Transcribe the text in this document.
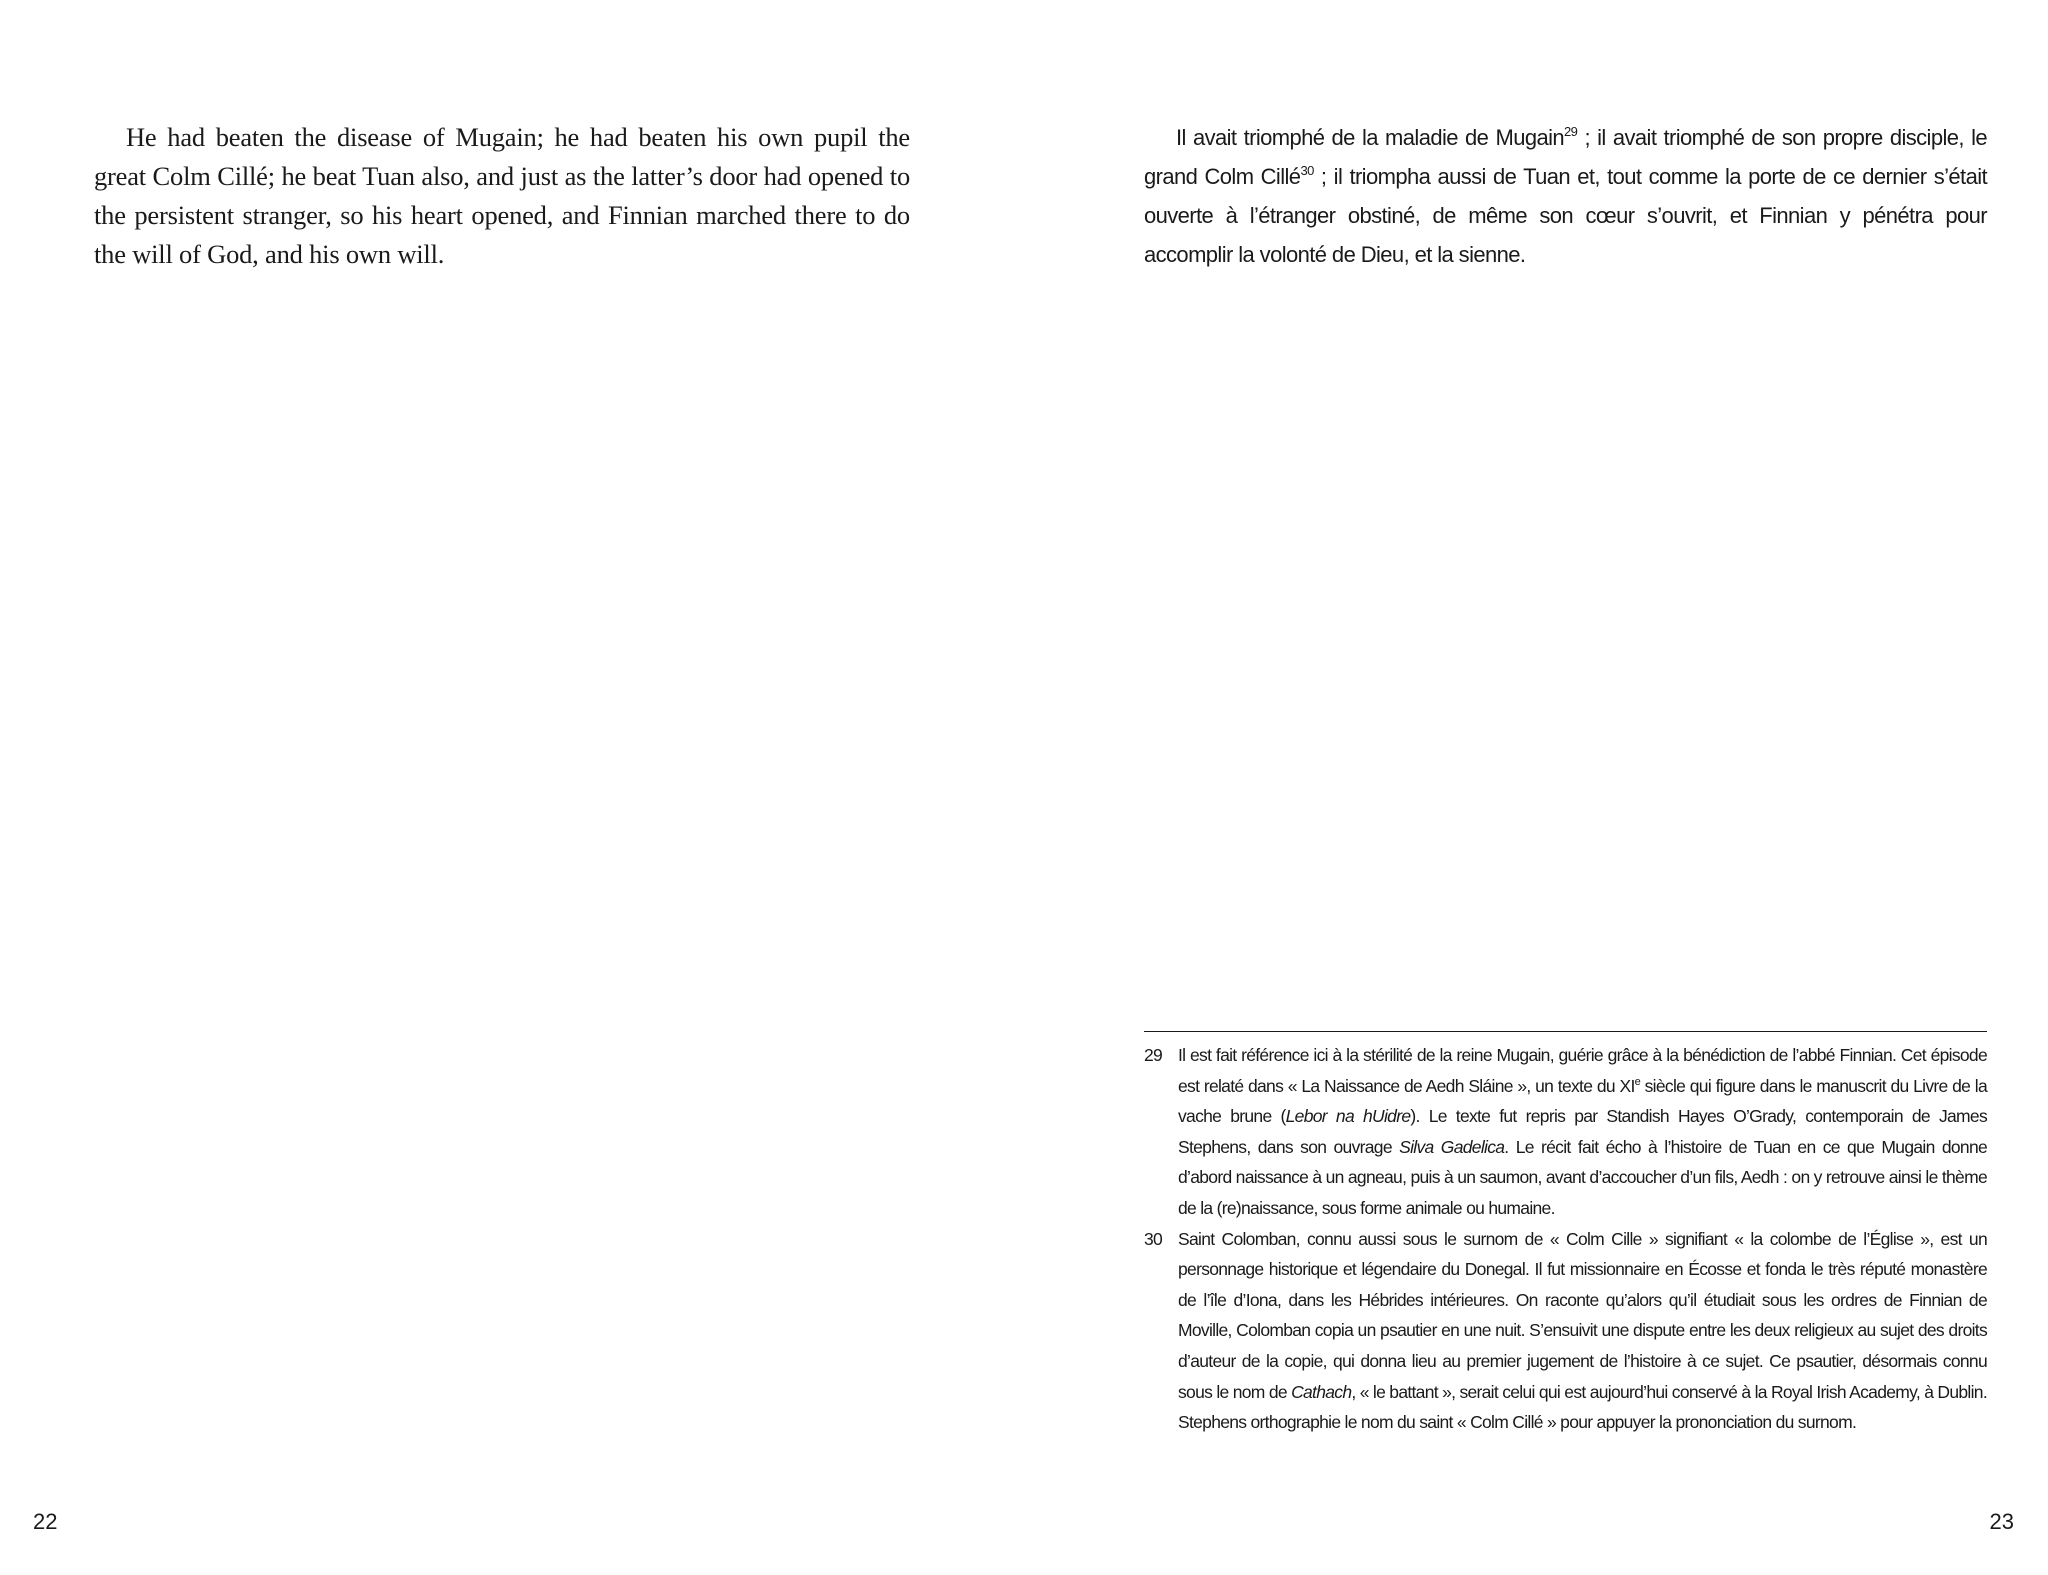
He had beaten the disease of Mugain; he had beaten his own pupil the great Colm Cillé; he beat Tuan also, and just as the latter’s door had opened to the persistent stranger, so his heart opened, and Finnian marched there to do the will of God, and his own will.

22

Il avait triomphé de la maladie de Mugain$^{29}$ ; il avait triomphé de son propre disciple, le grand Colm Cillé$^{30}$ ; il triompha aussi de Tuan et, tout comme la porte de ce dernier s’était ouverte à l’étranger obstiné, de même son cœur s’ouvrit, et Finnian y pénétra pour accomplir la volonté de Dieu, et la sienne.

29 Il est fait référence ici à la stérilité de la reine Mugain, guérie grâce à la bénédiction de l’abbé Finnian. Cet épisode est relaté dans « La Naissance de Aedh Sláine », un texte du XIe siècle qui figure dans le manuscrit du Livre de la vache brune (Lebor na hUidre). Le texte fut repris par Standish Hayes O’Grady, contemporain de James Stephens, dans son ouvrage Silva Gadelica. Le récit fait écho à l’histoire de Tuan en ce que Mugain donne d’abord naissance à un agneau, puis à un saumon, avant d’accoucher d’un fils, Aedh : on y retrouve ainsi le thème de la (re)naissance, sous forme animale ou humaine.
30 Saint Colomban, connu aussi sous le surnom de « Colm Cille » signifiant « la colombe de l’Église », est un personnage historique et légendaire du Donegal. Il fut missionnaire en Écosse et fonda le très réputé monastère de l’île d’Iona, dans les Hébrides intérieures. On raconte qu’alors qu’il étudiait sous les ordres de Finnian de Moville, Colomban copia un psautier en une nuit. S’ensuivit une dispute entre les deux religieux au sujet des droits d’auteur de la copie, qui donna lieu au premier jugement de l’histoire à ce sujet. Ce psautier, désormais connu sous le nom de Cathach, « le battant », serait celui qui est aujourd’hui conservé à la Royal Irish Academy, à Dublin. Stephens orthographie le nom du saint « Colm Cillé » pour appuyer la prononciation du surnom.
23
